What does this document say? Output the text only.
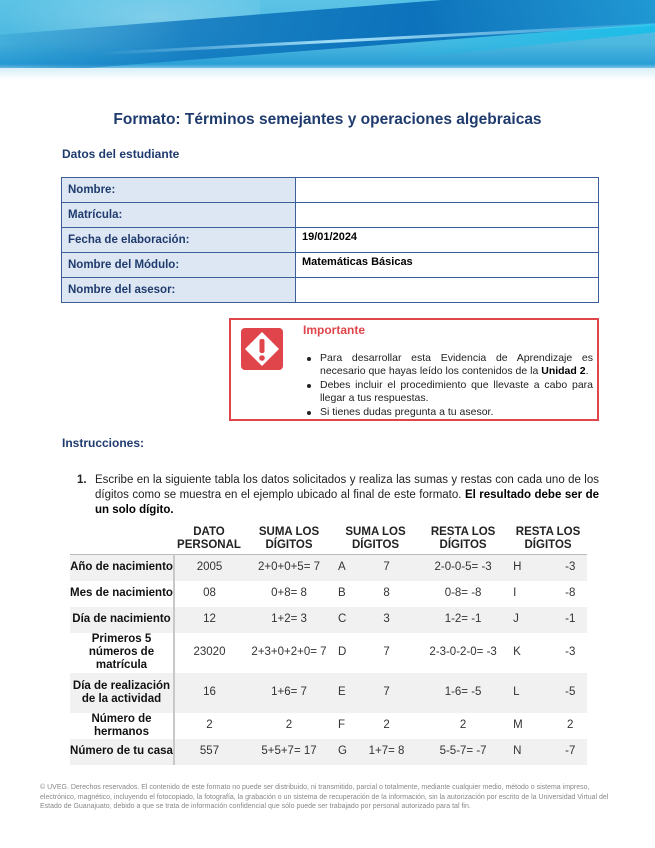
Formato: Términos semejantes y operaciones algebraicas
Datos del estudiante
Nombre:	
Matrícula:	
Fecha de elaboración:	19/01/2024
Nombre del Módulo:	Matemáticas Básicas
Nombre del asesor:	
Importante
Para desarrollar esta Evidencia de Aprendizaje es necesario que hayas leído los contenidos de la Unidad 2.
Debes incluir el procedimiento que llevaste a cabo para llegar a tus respuestas.
Si tienes dudas pregunta a tu asesor.
Instrucciones:
1. Escribe en la siguiente tabla los datos solicitados y realiza las sumas y restas con cada uno de los dígitos como se muestra en el ejemplo ubicado al final de este formato. El resultado debe ser de un solo dígito.
	DATO PERSONAL	SUMA LOS DÍGITOS	SUMA LOS DÍGITOS		RESTA LOS DÍGITOS	RESTA LOS DÍGITOS	
Año de nacimiento	2005	2+0+0+5= 7	A	7	2-0-0-5= -3	H	-3
Mes de nacimiento	08	0+8= 8	B	8	0-8= -8	I	-8
Día de nacimiento	12	1+2= 3	C	3	1-2= -1	J	-1
Primeros 5 números de matrícula	23020	2+3+0+2+0= 7	D	7	2-3-0-2-0= -3	K	-3
Día de realización de la actividad	16	1+6= 7	E	7	1-6= -5	L	-5
Número de hermanos	2	2	F	2	2	M	2
Número de tu casa	557	5+5+7= 17	G	1+7= 8	5-5-7= -7	N	-7
© UVEG. Derechos reservados. El contenido de este formato no puede ser distribuido, ni transmitido, parcial o totalmente, mediante cualquier medio, método o sistema impreso, electrónico, magnético, incluyendo el fotocopiado, la fotografía, la grabación o un sistema de recuperación de la información, sin la autorización por escrito de la Universidad Virtual del Estado de Guanajuato, debido a que se trata de información confidencial que sólo puede ser trabajado por personal autorizado para tal fin.
